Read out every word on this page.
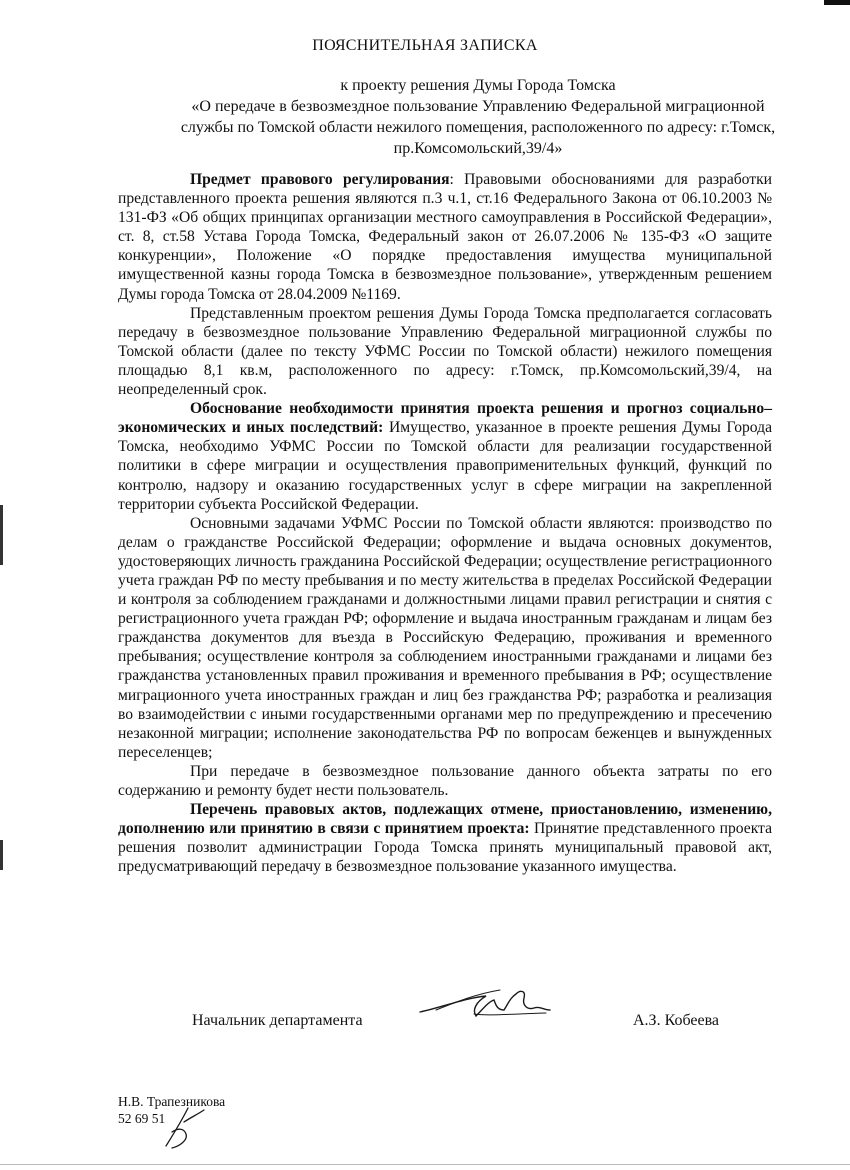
ПОЯСНИТЕЛЬНАЯ ЗАПИСКА
к проекту решения Думы Города Томска
«О передаче в безвозмездное пользование Управлению Федеральной миграционной
службы по Томской области нежилого помещения, расположенного по адресу: г.Томск,
пр.Комсомольский,39/4»

Предмет правового регулирования: Правовыми обоснованиями для разработки представленного проекта решения являются п.3 ч.1, ст.16 Федерального Закона от 06.10.2003 № 131-ФЗ «Об общих принципах организации местного самоуправления в Российской Федерации», ст. 8, ст.58 Устава Города Томска, Федеральный закон от 26.07.2006 № 135-ФЗ «О защите конкуренции», Положение «О порядке предоставления имущества муниципальной имущественной казны города Томска в безвозмездное пользование», утвержденным решением Думы города Томска от 28.04.2009 №1169.

Представленным проектом решения Думы Города Томска предполагается согласовать передачу в безвозмездное пользование Управлению Федеральной миграционной службы по Томской области (далее по тексту УФМС России по Томской области) нежилого помещения площадью 8,1 кв.м, расположенного по адресу: г.Томск, пр.Комсомольский,39/4, на неопределенный срок.

Обоснование необходимости принятия проекта решения и прогноз социально–экономических и иных последствий: Имущество, указанное в проекте решения Думы Города Томска, необходимо УФМС России по Томской области для реализации государственной политики в сфере миграции и осуществления правоприменительных функций, функций по контролю, надзору и оказанию государственных услуг в сфере миграции на закрепленной территории субъекта Российской Федерации.

Основными задачами УФМС России по Томской области являются: производство по делам о гражданстве Российской Федерации; оформление и выдача основных документов, удостоверяющих личность гражданина Российской Федерации; осуществление регистрационного учета граждан РФ по месту пребывания и по месту жительства в пределах Российской Федерации и контроля за соблюдением гражданами и должностными лицами правил регистрации и снятия с регистрационного учета граждан РФ; оформление и выдача иностранным гражданам и лицам без гражданства документов для въезда в Российскую Федерацию, проживания и временного пребывания; осуществление контроля за соблюдением иностранными гражданами и лицами без гражданства установленных правил проживания и временного пребывания в РФ; осуществление миграционного учета иностранных граждан и лиц без гражданства РФ; разработка и реализация во взаимодействии с иными государственными органами мер по предупреждению и пресечению незаконной миграции; исполнение законодательства РФ по вопросам беженцев и вынужденных переселенцев;

При передаче в безвозмездное пользование данного объекта затраты по его содержанию и ремонту будет нести пользователь.

Перечень правовых актов, подлежащих отмене, приостановлению, изменению, дополнению или принятию в связи с принятием проекта: Принятие представленного проекта решения позволит администрации Города Томска принять муниципальный правовой акт, предусматривающий передачу в безвозмездное пользование указанного имущества.

Начальник департамента	А.З. Кобеева
Н.В. Трапезникова
52 69 51
